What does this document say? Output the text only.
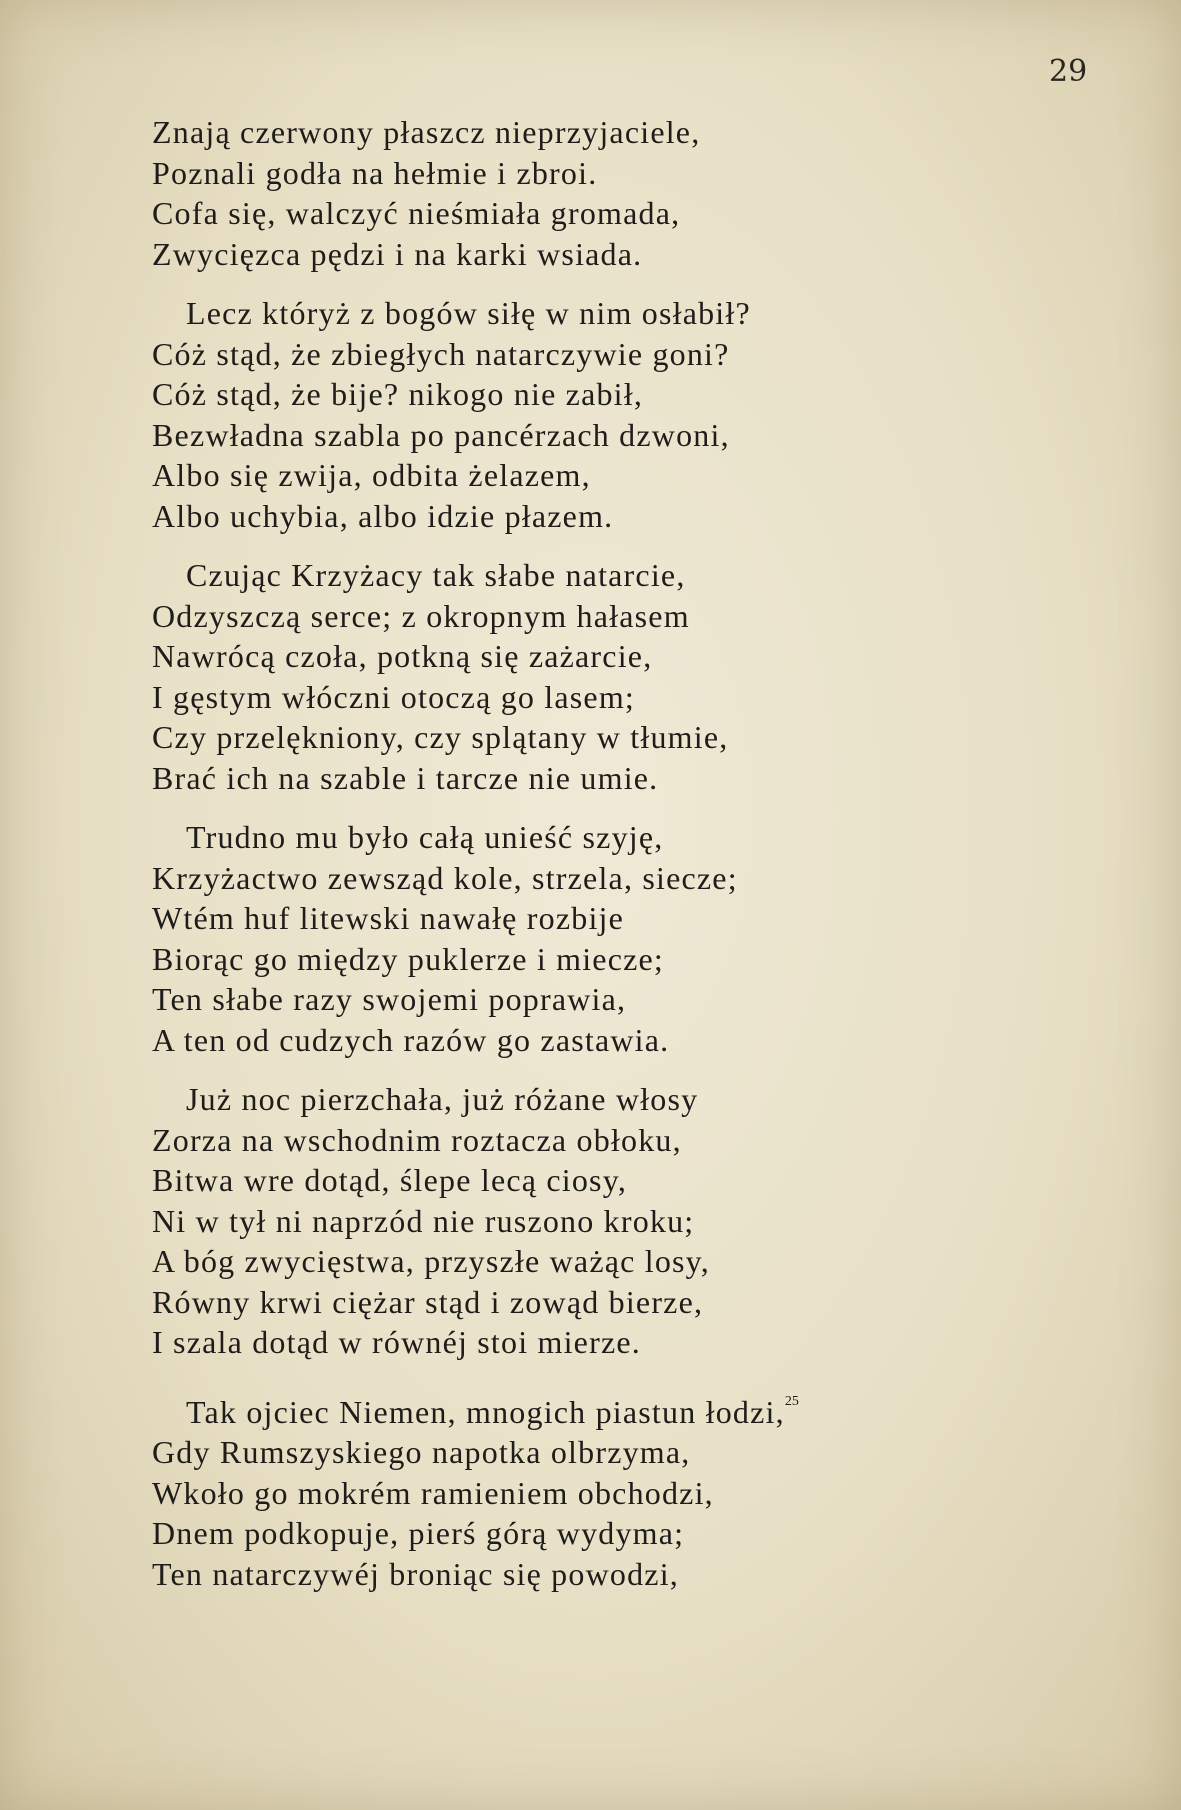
29
Znają czerwony płaszcz nieprzyjaciele,
Poznali godła na hełmie i zbroi.
Cofa się, walczyć nieśmiała gromada,
Zwycięzca pędzi i na karki wsiada.
Lecz któryż z bogów siłę w nim osłabił?
Cóż stąd, że zbiegłych natarczywie goni?
Cóż stąd, że bije? nikogo nie zabił,
Bezwładna szabla po pancérzach dzwoni,
Albo się zwija, odbita żelazem,
Albo uchybia, albo idzie płazem.
Czując Krzyżacy tak słabe natarcie,
Odzyszczą serce; z okropnym hałasem
Nawrócą czoła, potkną się zażarcie,
I gęstym włóczni otoczą go lasem;
Czy przelękniony, czy splątany w tłumie,
Brać ich na szable i tarcze nie umie.
Trudno mu było całą unieść szyję,
Krzyżactwo zewsząd kole, strzela, siecze;
Wtém huf litewski nawałę rozbije
Biorąc go między puklerze i miecze;
Ten słabe razy swojemi poprawia,
A ten od cudzych razów go zastawia.
Już noc pierzchała, już różane włosy
Zorza na wschodnim roztacza obłoku,
Bitwa wre dotąd, ślepe lecą ciosy,
Ni w tył ni naprzód nie ruszono kroku;
A bóg zwycięstwa, przyszłe ważąc losy,
Równy krwi ciężar stąd i zowąd bierze,
I szala dotąd w równéj stoi mierze.
Tak ojciec Niemen, mnogich piastun łodzi,$^{25}$
Gdy Rumszyskiego napotka olbrzyma,
Wkoło go mokrém ramieniem obchodzi,
Dnem podkopuje, pierś górą wydyma;
Ten natarczywéj broniąc się powodzi,
